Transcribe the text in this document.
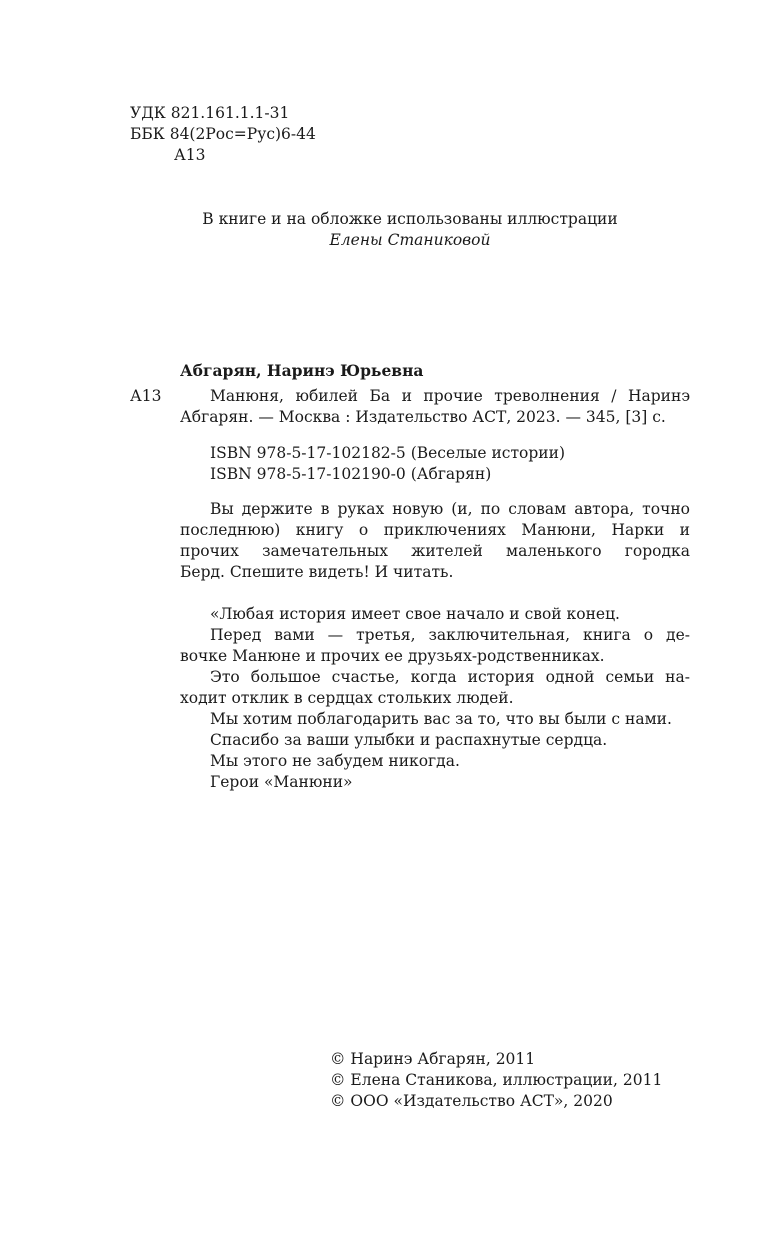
УДК 821.161.1.1-31
ББК 84(2Рос=Рус)6-44
А13
В книге и на обложке использованы иллюстрации
Елены Станиковой
Абгарян, Наринэ Юрьевна
А13	Манюня, юбилей Ба и прочие треволнения / Наринэ

Абгарян. — Москва : Издательство АСТ, 2023. — 345, [3] с.

ISBN 978-5-17-102182-5 (Веселые истории)
ISBN 978-5-17-102190-0 (Абгарян)
Вы держите в руках новую (и, по словам автора, точно
последнюю) книгу о приключениях Манюни, Нарки и
прочих замечательных жителей маленького городка
Берд. Спешите видеть! И читать.
«Любая история имеет свое начало и свой конец.
Перед вами — третья, заключительная, книга о де-
вочке Манюне и прочих ее друзьях-родственниках.
Это большое счастье, когда история одной семьи на-
ходит отклик в сердцах стольких людей.
Мы хотим поблагодарить вас за то, что вы были с нами.
Спасибо за ваши улыбки и распахнутые сердца.
Мы этого не забудем никогда.
Герои «Манюни»
© Наринэ Абгарян, 2011
© Елена Станикова, иллюстрации, 2011
© ООО «Издательство АСТ», 2020
